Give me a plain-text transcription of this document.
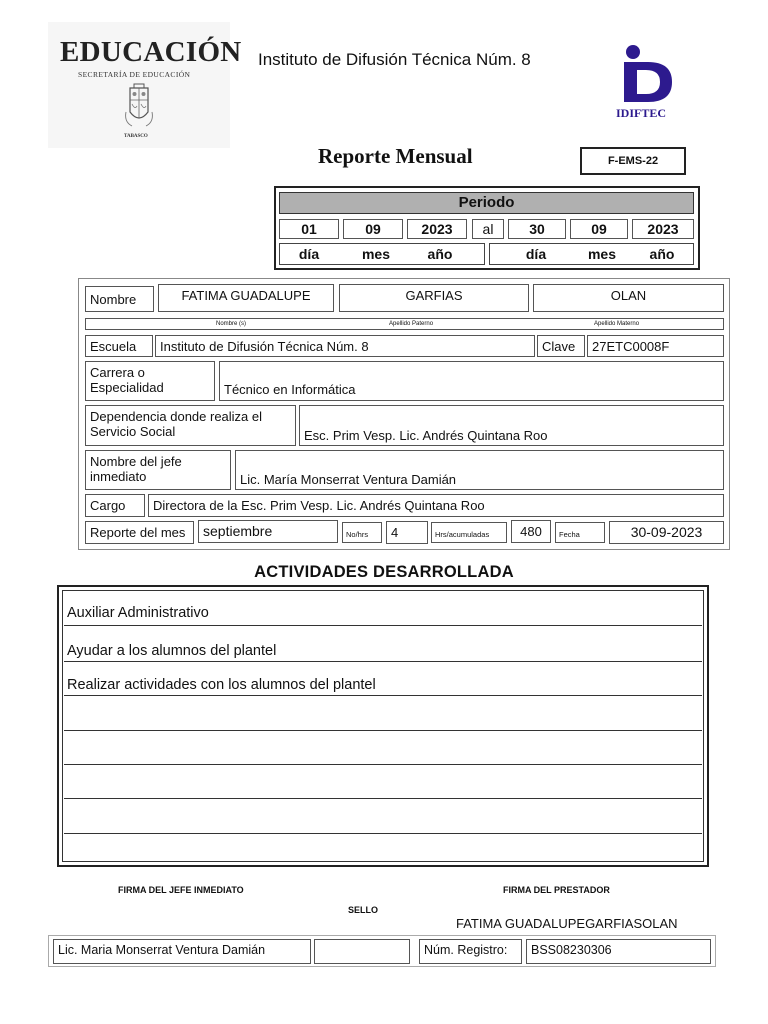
EDUCACIÓN
SECRETARÍA DE EDUCACIÓN
TABASCO
Instituto de Difusión Técnica Núm. 8
IDIFTEC
Reporte Mensual	F-EMS-22
Periodo
01	09	2023	al	30	09	2023
día	mes	año	día	mes	año
Nombre	FATIMA GUADALUPE	GARFIAS	OLAN
Nombre (s)	Apellido Paterno	Apellido Materno
Escuela	Instituto de Difusión Técnica Núm. 8	Clave	27ETC0008F
Carrera o Especialidad	Técnico en Informática
Dependencia donde realiza el Servicio Social	Esc. Prim Vesp. Lic. Andrés Quintana Roo
Nombre del jefe inmediato	Lic. María Monserrat Ventura Damián
Cargo	Directora de la Esc. Prim Vesp. Lic. Andrés Quintana Roo
Reporte del mes	septiembre	No/hrs	4	Hrs/acumuladas	480	Fecha	30-09-2023
ACTIVIDADES DESARROLLADA
Auxiliar Administrativo
Ayudar a los alumnos del plantel
Realizar actividades con los alumnos del plantel
FIRMA DEL JEFE INMEDIATO
SELLO
FIRMA DEL PRESTADOR
FATIMA GUADALUPEGARFIASOLAN
Lic. Maria Monserrat Ventura Damián	Núm. Registro:	BSS08230306
